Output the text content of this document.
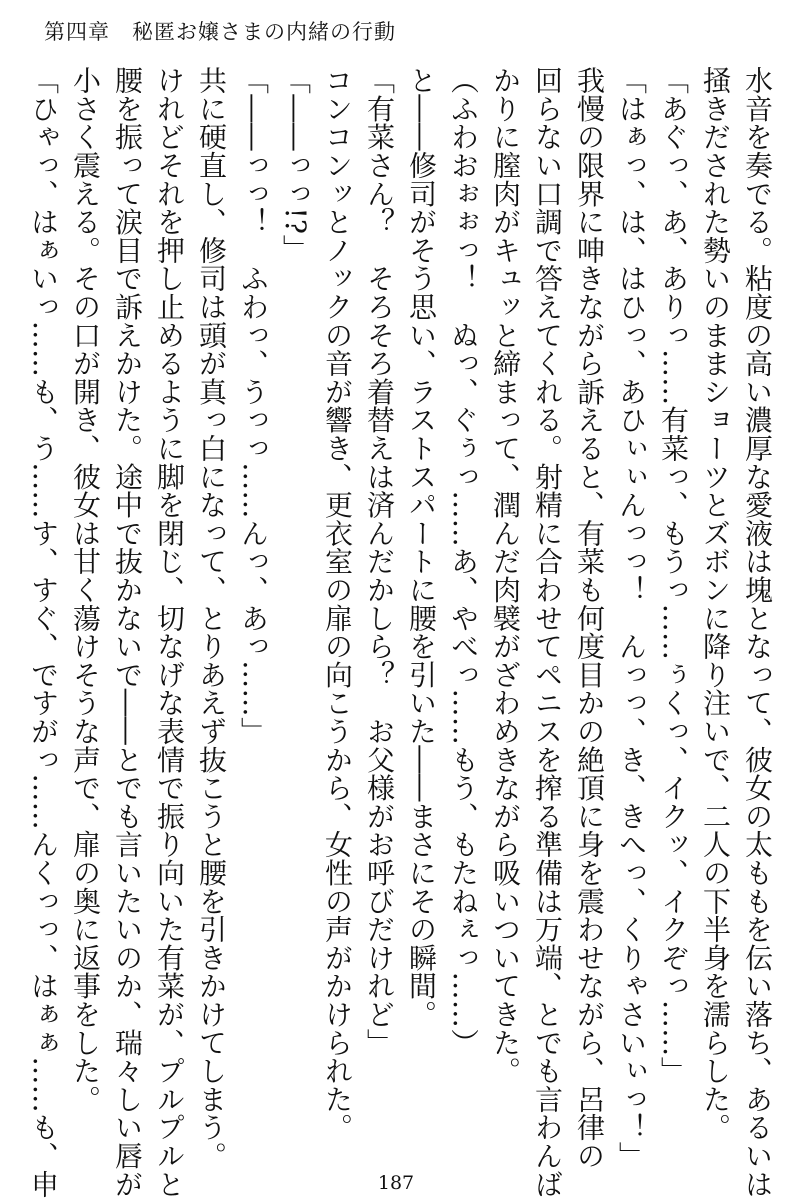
第四章　秘匿お嬢さまの内緒の行動
水音を奏でる。粘度の高い濃厚な愛液は塊となって、彼女の太ももを伝い落ち、あるいは
掻きだされた勢いのままショーツとズボンに降り注いで、二人の下半身を濡らした。
「あぐっ、あ、ありっ……有菜っ、もうっ……ぅくっ、イクッ、イクぞっ……」
「はぁっ、は、はひっ、あひぃぃんっっ！　んっっ、き、きへっ、くりゃさいぃっ！」
我慢の限界に呻きながら訴えると、有菜も何度目かの絶頂に身を震わせながら、呂律の
回らない口調で答えてくれる。射精に合わせてペニスを搾る準備は万端、とでも言わんば
かりに膣肉がキュッと締まって、潤んだ肉襞がざわめきながら吸いついてきた。
（ふわおぉぉっ！　ぬっ、ぐぅっ……あ、やべっ……もう、もたねぇっ……）
と――修司がそう思い、ラストスパートに腰を引いた――まさにその瞬間。
「有菜さん？　そろそろ着替えは済んだかしら？　お父様がお呼びだけれど」
コンコンッとノックの音が響き、更衣室の扉の向こうから、女性の声がかけられた。
「――っっ!?」
「――っっ！　ふわっ、うっっ……んっ、あっ……」
共に硬直し、修司は頭が真っ白になって、とりあえず抜こうと腰を引きかけてしまう。
けれどそれを押し止めるように脚を閉じ、切なげな表情で振り向いた有菜が、プルプルと
腰を振って涙目で訴えかけた。途中で抜かないで――とでも言いたいのか、瑞々しい唇が
小さく震える。その口が開き、彼女は甘く蕩けそうな声で、扉の奥に返事をした。
「ひゃっ、はぁいっ……も、う……す、すぐ、ですがっ……んくっっ、はぁぁ……も、申	187
